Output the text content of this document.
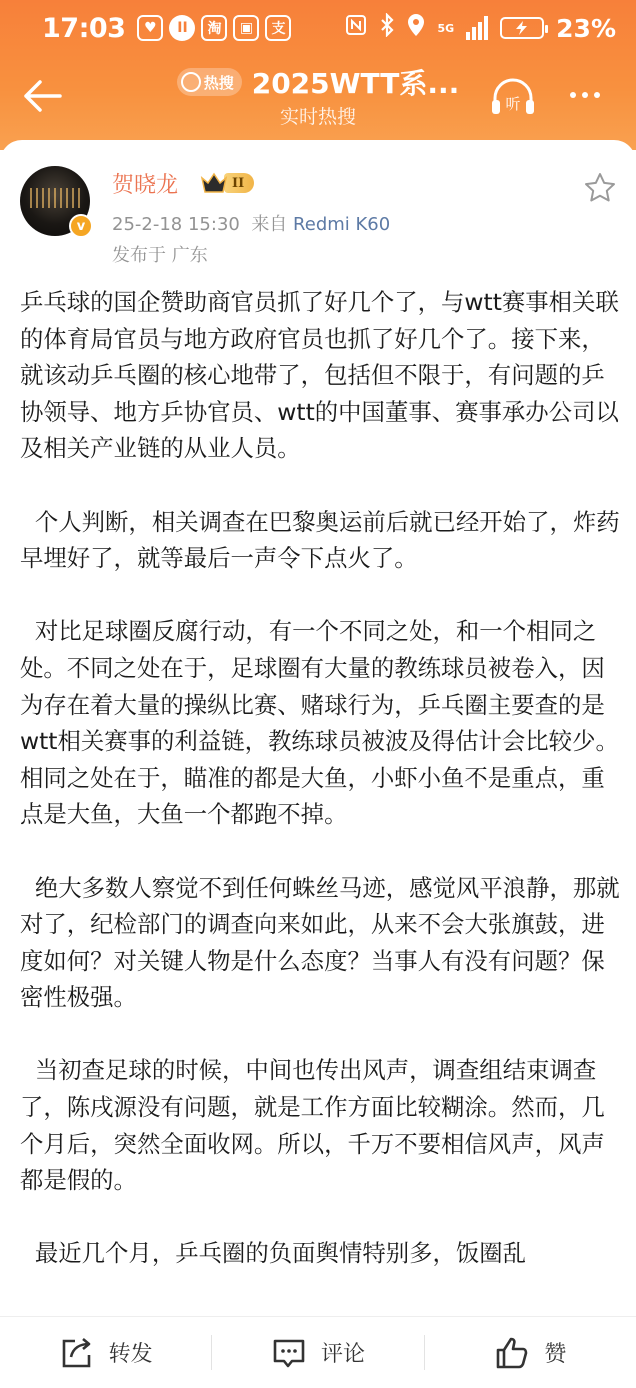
17:03	♥	II	淘	▣	支	5G	23%
热搜 2025WTT系...
实时热搜
听
v
贺晓龙	II
25-2-18 15:30 来自 Redmi K60
发布于 广东

乒乓球的国企赞助商官员抓了好几个了，与wtt赛事相关联的体育局官员与地方政府官员也抓了好几个了。接下来，就该动乒乓圈的核心地带了，包括但不限于，有问题的乒协领导、地方乒协官员、wtt的中国董事、赛事承办公司以及相关产业链的从业人员。

个人判断，相关调查在巴黎奥运前后就已经开始了，炸药早埋好了，就等最后一声令下点火了。

对比足球圈反腐行动，有一个不同之处，和一个相同之处。不同之处在于，足球圈有大量的教练球员被卷入，因为存在着大量的操纵比赛、赌球行为，乒乓圈主要查的是wtt相关赛事的利益链，教练球员被波及得估计会比较少。相同之处在于，瞄准的都是大鱼，小虾小鱼不是重点，重点是大鱼，大鱼一个都跑不掉。

绝大多数人察觉不到任何蛛丝马迹，感觉风平浪静，那就对了，纪检部门的调查向来如此，从来不会大张旗鼓，进度如何？对关键人物是什么态度？当事人有没有问题？保密性极强。

当初查足球的时候，中间也传出风声，调查组结束调查了，陈戌源没有问题，就是工作方面比较糊涂。然而，几个月后，突然全面收网。所以，千万不要相信风声，风声都是假的。

最近几个月，乒乓圈的负面舆情特别多，饭圈乱

转发	评论	赞
